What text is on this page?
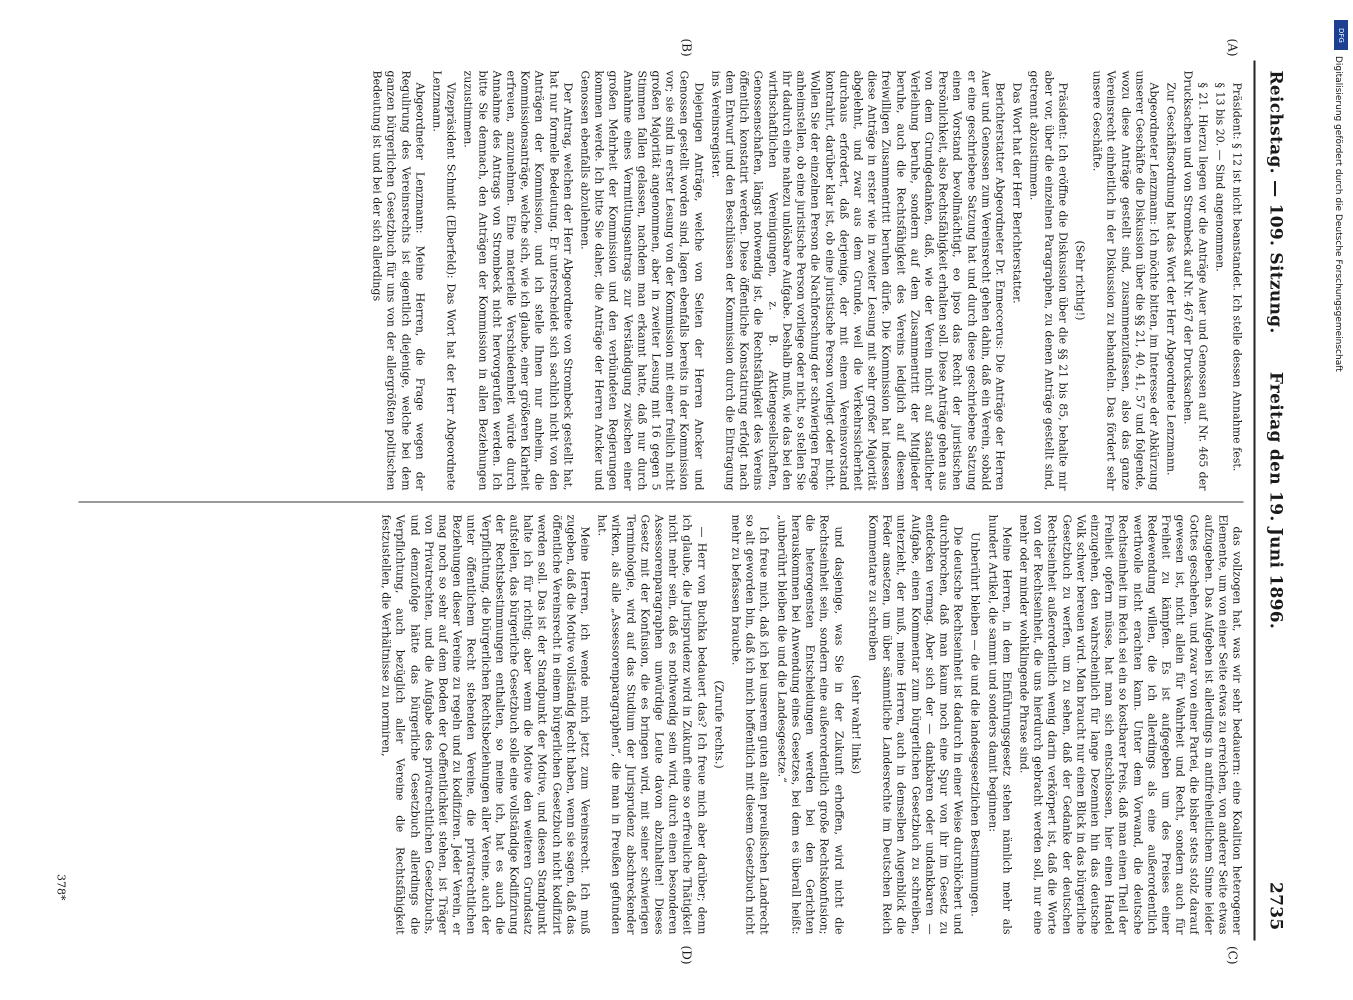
Reichstag. — 109. Sitzung.
Freitag den 19. Juni 1896.
2735
(A)
(B)
(C)
(D)

Präsident: § 12 ist nicht beanstandet. Ich stelle dessen Annahme fest.

§ 13 bis 20. — Sind angenommen.

§ 21. Hierzu liegen vor die Anträge Auer und Genossen auf Nr. 465 der Drucksachen und von Strombeck auf Nr. 467 der Drucksachen.

Zur Geschäftsordnung hat das Wort der Herr Abgeordnete Lenzmann.

Abgeordneter Lenzmann: Ich möchte bitten, im Interesse der Abkürzung unserer Geschäfte die Diskussion über die §§ 21, 40, 41, 57 und folgende, wozu diese Anträge gestellt sind, zusammenzufassen, also das ganze Vereinsrecht einheitlich in der Diskussion zu behandeln. Das fördert sehr unsere Geschäfte.

(Sehr richtig!)

Präsident: Ich eröffne die Diskussion über die §§ 21 bis 85, behalte mir aber vor, über die einzelnen Paragraphen, zu denen Anträge gestellt sind, getrennt abzustimmen.

Das Wort hat der Herr Berichterstatter.

Berichterstatter Abgeordneter Dr. Enneccerus: Die Anträge der Herren Auer und Genossen zum Vereinsrecht gehen dahin, daß ein Verein, sobald er eine geschriebene Satzung hat und durch diese geschriebene Satzung einen Vorstand bevollmächtigt, eo ipso das Recht der juristischen Persönlichkeit, also Rechtsfähigkeit erhalten soll. Diese Anträge gehen aus von dem Grundgedanken, daß, wie der Verein nicht auf staatlicher Verleihung beruhe, sondern auf dem Zusammentritt der Mitglieder beruhe, auch die Rechtsfähigkeit des Vereins lediglich auf diesem freiwilligen Zusammentritt beruhen dürfe. Die Kommission hat indessen diese Anträge in erster wie in zweiter Lesung mit sehr großer Majorität abgelehnt, und zwar aus dem Grunde, weil die Verkehrssicherheit durchaus erfordert, daß derjenige, der mit einem Vereinsvorstand kontrahirt, darüber klar ist, ob eine juristische Person vorliegt oder nicht. Wollen Sie der einzelnen Person die Nachforschung der schwierigen Frage anheimstellen, ob eine juristische Person vorliege oder nicht, so stellen Sie ihr dadurch eine nahezu unlösbare Aufgabe. Deshalb muß, wie das bei den wirthschaftlichen Vereinigungen, z. B. Aktiengesellschaften, Genossenschaften, längst notwendig ist, die Rechtsfähigkeit des Vereins öffentlich konstatirt werden. Diese öffentliche Konstatirung erfolgt nach dem Entwurf und den Beschlüssen der Kommission durch die Eintragung ins Vereinsregister.

Diejenigen Anträge, welche von Seiten der Herren Ancker und Genossen gestellt worden sind, lagen ebenfalls bereits in der Kommission vor; sie sind in erster Lesung von der Kommission mit einer freilich nicht großen Majorität angenommen, aber in zweiter Lesung mit 16 gegen 5 Stimmen fallen gelassen, nachdem man erkannt hatte, daß nur durch Annahme eines Vermittlungsantrags zur Verständigung zwischen einer großen Mehrheit der Kommission und den verbündeten Regierungen kommen werde. Ich bitte Sie daher, die Anträge der Herren Ancker und Genossen ebenfalls abzulehnen.

Der Antrag, welchen der Herr Abgeordnete von Strombeck gestellt hat, hat nur formelle Bedeutung. Er unterscheidet sich sachlich nicht von den Anträgen der Kommission, und ich stelle Ihnen nur anheim, die Kommissionsanträge, welche sich, wie ich glaube, einer größeren Klarheit erfreuen, anzunehmen. Eine materielle Verschiedenheit würde durch Annahme des Antrags von Strombeck nicht hervorgerufen werden. Ich bitte Sie demnach, den Anträgen der Kommission in allen Beziehungen zuzustimmen.

Vizepräsident Schmidt (Elberfeld): Das Wort hat der Herr Abgeordnete Lenzmann.

Abgeordneter Lenzmann: Meine Herren, die Frage wegen der Regulirung des Vereinsrechts ist eigentlich diejenige, welche bei dem ganzen bürgerlichen Gesetzbuch für uns von der allergrößten politischen Bedeutung ist und bei der sich allerdings

das vollzogen hat, was wir sehr bedauern: eine Koalition heterogener Elemente, um von einer Seite etwas zu erreichen, von anderer Seite etwas aufzugeben. Das Aufgeben ist allerdings in antifreiheitlichem Sinne leider Gottes geschehen, und zwar von einer Partei, die bisher stets stolz darauf gewesen ist, nicht allein für Wahrheit und Recht, sondern auch für Freiheit zu kämpfen. Es ist aufgegeben um des Preises einer Redewendung willen, die ich allerdings als eine außerordentlich werthvolle nicht erachten kann. Unter dem Vorwand, die deutsche Rechtseinheit im Reich sei ein so kostbarer Preis, daß man einen Theil der Freiheit opfern müsse, hat man sich entschlossen, hier einen Handel einzugehen, den wahrscheinlich für lange Dezennien hin das deutsche Volk schwer bereuen wird. Man braucht nur einen Blick in das bürgerliche Gesetzbuch zu werfen, um zu sehen, daß der Gedanke der deutschen Rechtseinheit außerordentlich wenig darin verkörpert ist, daß die Worte von der Rechtseinheit, die uns hierdurch gebracht werden soll, nur eine mehr oder minder wohlklingende Phrase sind.

Meine Herren, in dem Einführungsgesetz stehen nämlich mehr als hundert Artikel, die sammt und sonders damit beginnen:

Unberührt bleiben — die und die landesgesetzlichen Bestimmungen.

Die deutsche Rechtseinheit ist dadurch in einer Weise durchlöchert und durchbrochen, daß man kaum noch eine Spur von ihr im Gesetz zu entdecken vermag. Aber sich der — dankbaren oder undankbaren — Aufgabe, einen Kommentar zum bürgerlichen Gesetzbuch zu schreiben, unterzieht, der muß, meine Herren, auch in demselben Augenblick die Feder ansetzen, um über sämmtliche Landesrechte im Deutschen Reich Kommentare zu schreiben

(sehr wahr! links)

und dasjenige, was Sie in der Zukunft erhoffen, wird nicht die Rechtseinheit sein, sondern eine außerordentlich große Rechtskonfusion; die heterogensten Entscheidungen werden bei den Gerichten herauskommen bei Anwendung eines Gesetzes, bei dem es überall heißt: „unberührt bleiben die und die Landesgesetze.“

Ich freue mich, daß ich bei unserem guten alten preußischen Landrecht so alt geworden bin, daß ich mich hoffentlich mit diesem Gesetzbuch nicht mehr zu befassen brauche.

(Zurufe rechts.)

— Herr von Buchka bedauert das? Ich freue mich aber darüber; denn ich glaube, die Jurisprudenz wird in Zukunft eine so erfreuliche Thätigkeit nicht mehr sein, daß es nothwendig sein wird, durch einen besonderen Assessorenparagraphen unwürdige Leute davon abzuhalten! Dieses Gesetz mit der Konfusion, die es bringen wird, mit seiner schwierigen Terminologie, wird auf das Studium der Jurisprudenz abschreckender wirken, als alle „Assessorenparagraphen“, die man in Preußen gefunden hat.

Meine Herren, ich wende mich jetzt zum Vereinsrecht. Ich muß zugeben, daß die Motive vollständig Recht haben, wenn sie sagen, daß das öffentliche Vereinsrecht in einem bürgerlichen Gesetzbuch nicht kodifizirt werden soll. Das ist der Standpunkt der Motive, und diesen Standpunkt halte ich für richtig; aber wenn die Motive den weiteren Grundsatz aufstellen, das bürgerliche Gesetzbuch solle eine vollständige Kodifizirung der Rechtsbestimmungen enthalten, so meine ich, hat es auch die Verpflichtung, die bürgerlichen Rechtsbeziehungen aller Vereine, auch der unter öffentlichem Recht stehenden Vereine, die privatrechtlichen Beziehungen dieser Vereine zu regeln und zu kodifiziren. Jeder Verein, er mag noch so sehr auf dem Boden der Oeffentlichkeit stehen, ist Träger von Privatrechten, und die Aufgabe des privatrechtlichen Gesetzbuchs, und demzufolge hätte das bürgerliche Gesetzbuch allerdings die Verpflichtung, auch bezüglich aller Vereine die Rechtsfähigkeit festzustellen, die Verhältnisse zu normiren,

378*
DFG
Digitalisierung gefördert durch die Deutsche Forschungsgemeinschaft
